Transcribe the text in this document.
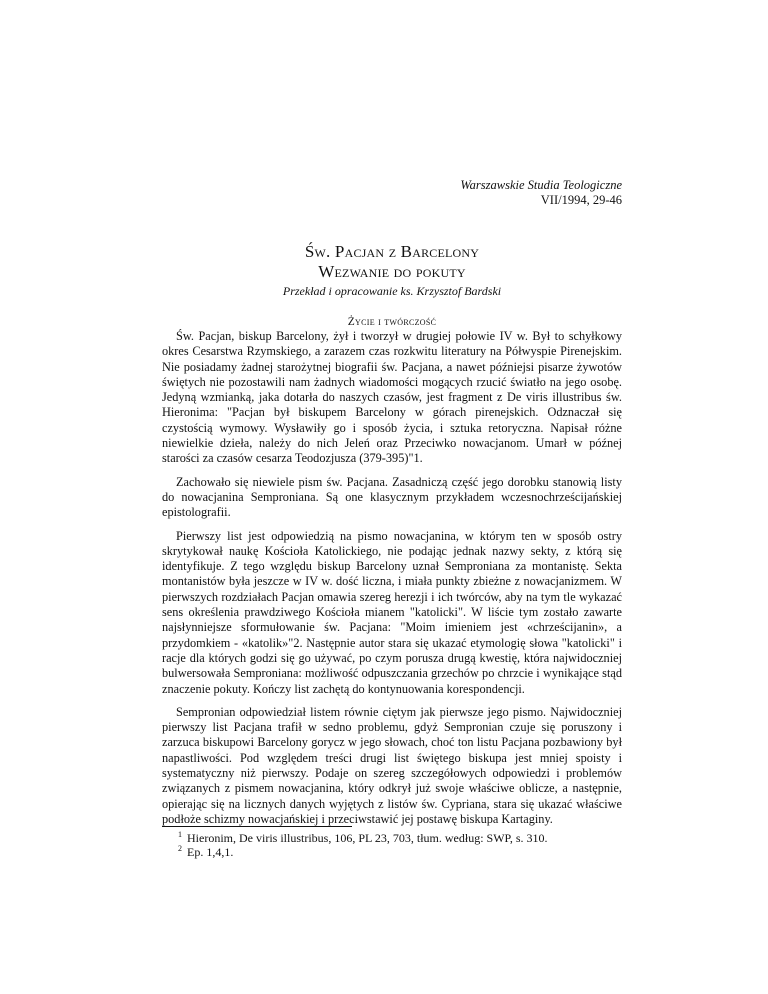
Warszawskie Studia Teologiczne
VII/1994, 29-46
Św. Pacjan z Barcelony
Wezwanie do pokuty
Przekład i opracowanie ks. Krzysztof Bardski
Życie i twórczość

Św. Pacjan, biskup Barcelony, żył i tworzył w drugiej połowie IV w. Był to schyłkowy okres Cesarstwa Rzymskiego, a zarazem czas rozkwitu literatury na Półwyspie Pirenejskim. Nie posiadamy żadnej starożytnej biografii św. Pacjana, a nawet późniejsi pisarze żywotów świętych nie pozostawili nam żadnych wiadomości mogących rzucić światło na jego osobę. Jedyną wzmianką, jaka dotarła do naszych czasów, jest fragment z De viris illustribus św. Hieronima: "Pacjan był biskupem Barcelony w górach pirenejskich. Odznaczał się czystością wymowy. Wysławiły go i sposób życia, i sztuka retoryczna. Napisał różne niewielkie dzieła, należy do nich Jeleń oraz Przeciwko nowacjanom. Umarł w późnej starości za czasów cesarza Teodozjusza (379-395)"1.

Zachowało się niewiele pism św. Pacjana. Zasadniczą część jego dorobku stanowią listy do nowacjanina Semproniana. Są one klasycznym przykładem wczesnochrześcijańskiej epistolografii.

Pierwszy list jest odpowiedzią na pismo nowacjanina, w którym ten w sposób ostry skrytykował naukę Kościoła Katolickiego, nie podając jednak nazwy sekty, z którą się identyfikuje. Z tego względu biskup Barcelony uznał Semproniana za montanistę. Sekta montanistów była jeszcze w IV w. dość liczna, i miała punkty zbieżne z nowacjanizmem. W pierwszych rozdziałach Pacjan omawia szereg herezji i ich twórców, aby na tym tle wykazać sens określenia prawdziwego Kościoła mianem "katolicki". W liście tym zostało zawarte najsłynniejsze sformułowanie św. Pacjana: "Moim imieniem jest «chrześcijanin», a przydomkiem - «katolik»"2. Następnie autor stara się ukazać etymologię słowa "katolicki" i racje dla których godzi się go używać, po czym porusza drugą kwestię, która najwidoczniej bulwersowała Semproniana: możliwość odpuszczania grzechów po chrzcie i wynikające stąd znaczenie pokuty. Kończy list zachętą do kontynuowania korespondencji.

Sempronian odpowiedział listem równie ciętym jak pierwsze jego pismo. Najwidoczniej pierwszy list Pacjana trafił w sedno problemu, gdyż Sempronian czuje się poruszony i zarzuca biskupowi Barcelony gorycz w jego słowach, choć ton listu Pacjana pozbawiony był napastliwości. Pod względem treści drugi list świętego biskupa jest mniej spoisty i systematyczny niż pierwszy. Podaje on szereg szczegółowych odpowiedzi i problemów związanych z pismem nowacjanina, który odkrył już swoje właściwe oblicze, a następnie, opierając się na licznych danych wyjętych z listów św. Cypriana, stara się ukazać właściwe podłoże schizmy nowacjańskiej i przeciwstawić jej postawę biskupa Kartaginy.

$^1$ Hieronim, De viris illustribus, 106, PL 23, 703, tłum. według: SWP, s. 310.
$^2$ Ep. 1,4,1.
